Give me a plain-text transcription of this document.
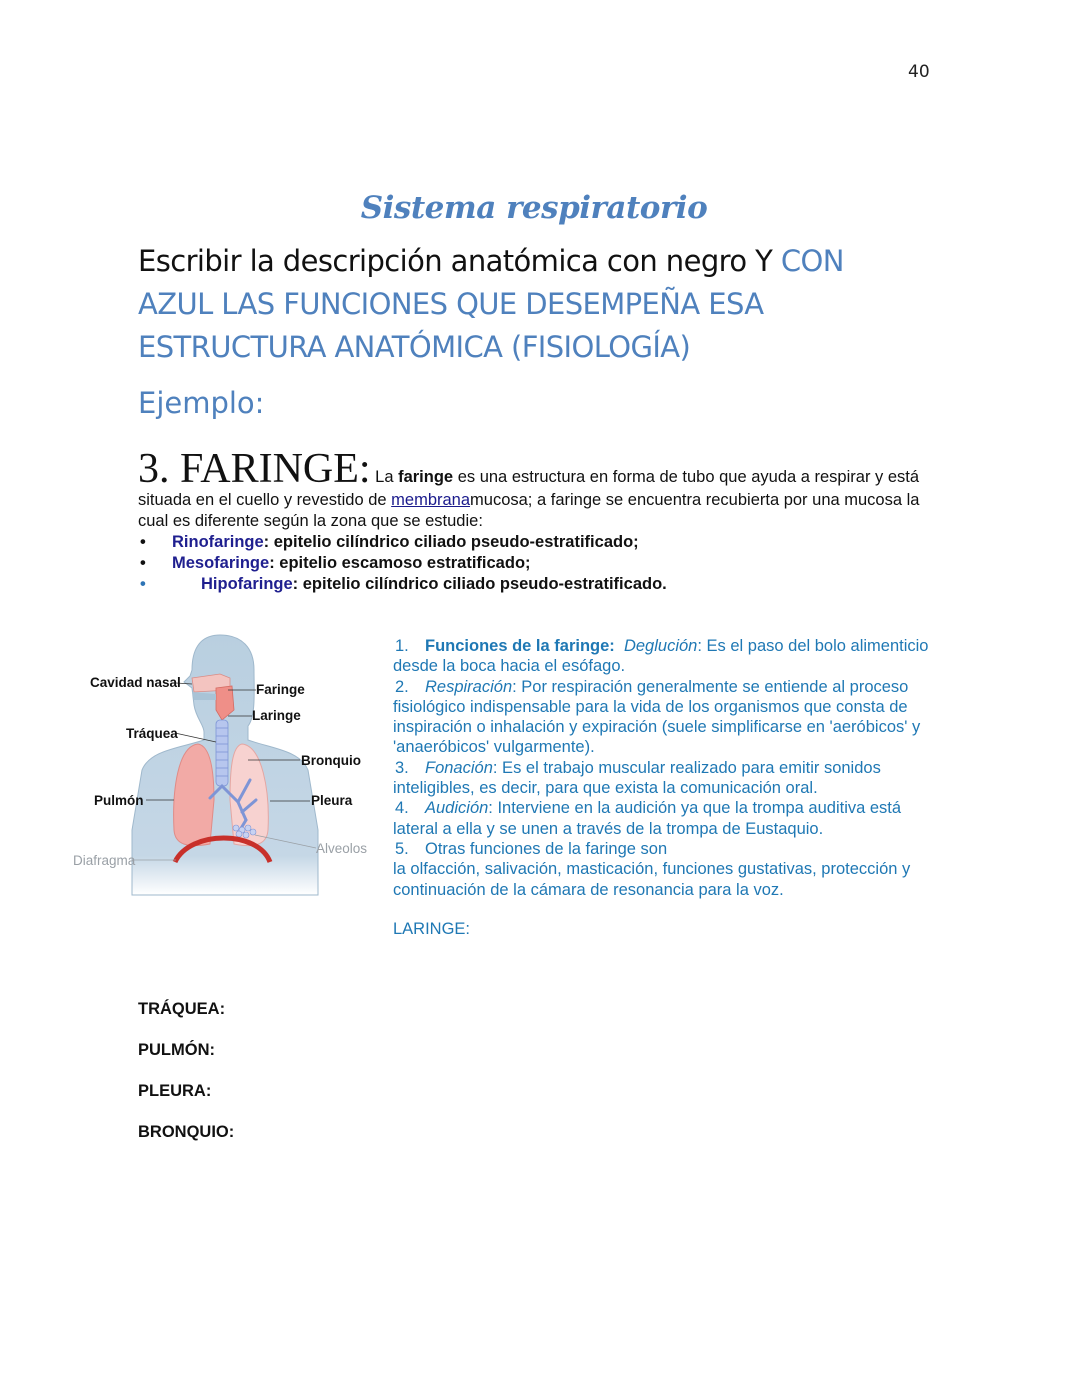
40
Sistema respiratorio
Escribir la descripción anatómica con negro Y CON AZUL LAS FUNCIONES QUE DESEMPEÑA ESA ESTRUCTURA ANATÓMICA (FISIOLOGÍA)
Ejemplo:
3. FARINGE: La faringe es una estructura en forma de tubo que ayuda a respirar y está situada en el cuello y revestido de membranamucosa; a faringe se encuentra recubierta por una mucosa la cual es diferente según la zona que se estudie:
• Rinofaringe: epitelio cilíndrico ciliado pseudo-estratificado;
• Mesofaringe: epitelio escamoso estratificado;
• Hipofaringe: epitelio cilíndrico ciliado pseudo-estratificado.
Cavidad nasal	Faringe
Laringe
Tráquea
Bronquio
Pulmón	Pleura
Alveolos
Diafragma
1. Funciones de la faringe: Deglución: Es el paso del bolo alimenticio desde la boca hacia el esófago.
2. Respiración: Por respiración generalmente se entiende al proceso fisiológico indispensable para la vida de los organismos que consta de inspiración o inhalación y expiración (suele simplificarse en 'aeróbicos' y 'anaeróbicos' vulgarmente).
3. Fonación: Es el trabajo muscular realizado para emitir sonidos inteligibles, es decir, para que exista la comunicación oral.
4. Audición: Interviene en la audición ya que la trompa auditiva está lateral a ella y se unen a través de la trompa de Eustaquio.
5. Otras funciones de la faringe son
la olfacción, salivación, masticación, funciones gustativas, protección y continuación de la cámara de resonancia para la voz.
LARINGE:
TRÁQUEA:
PULMÓN:
PLEURA:
BRONQUIO:
